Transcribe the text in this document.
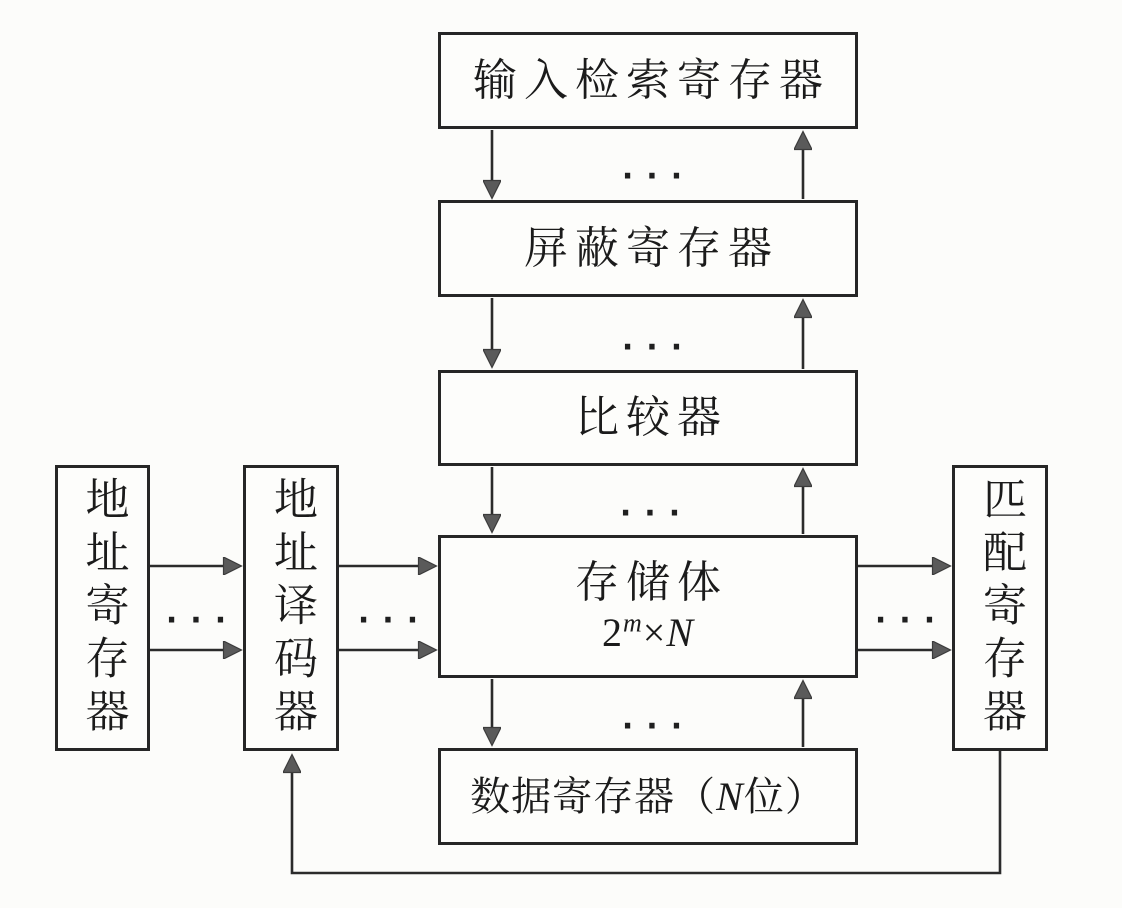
输入检索寄存器
屏蔽寄存器
比较器
存储体
$2^m\times N$
数据寄存器（N位）
地址寄存器	地址译码器	匹配寄存器
···
···
···
···
···	···	···
